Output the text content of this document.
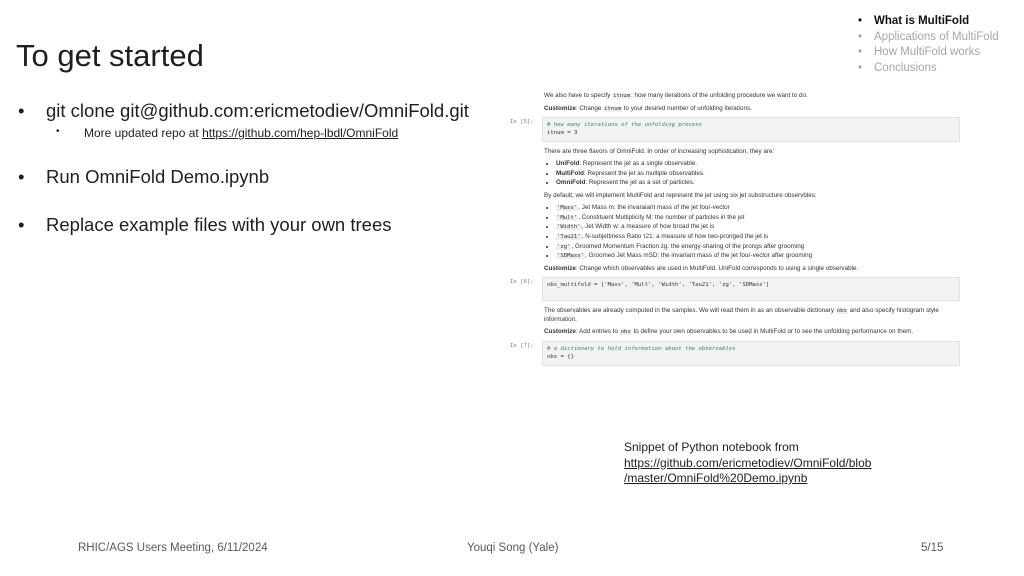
To get started
• What is MultiFold
• Applications of MultiFold
• How MultiFold works
• Conclusions
• git clone git@github.com:ericmetodiev/OmniFold.git
• More updated repo at https://github.com/hep-lbdl/OmniFold
• Run OmniFold Demo.ipynb
• Replace example files with your own trees

We also have to specify itnum: how many iterations of the unfolding procedure we want to do.

Customize: Change itnum to your desired number of unfolding iterations.

In [5]:	# how many iterations of the unfolding process
itnum = 3

There are three flavors of OmniFold. In order of increasing sophistication, they are:

• UniFold: Represent the jet as a single observable.
• MultiFold: Represent the jet as multiple observables.
• OmniFold: Represent the jet as a set of particles.

By default, we will implement MultiFold and represent the jet using six jet substructure observbles:

• 'Mass', Jet Mass m: the invaraiant mass of the jet four-vector
• 'Mult', Constituent Multiplicity M: the number of particles in the jet
• 'Width', Jet Width w: a measure of how broad the jet is
• 'Tau21', N-subjettiness Ratio τ21: a measure of how two-pronged the jet is
• 'zg', Groomed Momentum Fraction zg: the energy-sharing of the prongs after grooming
• 'SDMass', Groomed Jet Mass mSD: the invariant mass of the jet four-vector after grooming

Customize: Change which observables are used in MultiFold. UniFold corresponds to using a single observable.

In [6]:	obs_multifold = ['Mass', 'Mult', 'Width', 'Tau21', 'zg', 'SDMass']

The observables are already computed in the samples. We will read them in as an observable dictionary obs and also specify histogram style information.

Customize: Add entries to obs to define your own observables to be used in MultiFold or to see the unfolding performance on them.

In [7]:	# a dictionary to hold information about the observables
obs = {}
Snippet of Python notebook from
https://github.com/ericmetodiev/OmniFold/blob
/master/OmniFold%20Demo.ipynb
RHIC/AGS Users Meeting, 6/11/2024	Youqi Song (Yale)	5/15
